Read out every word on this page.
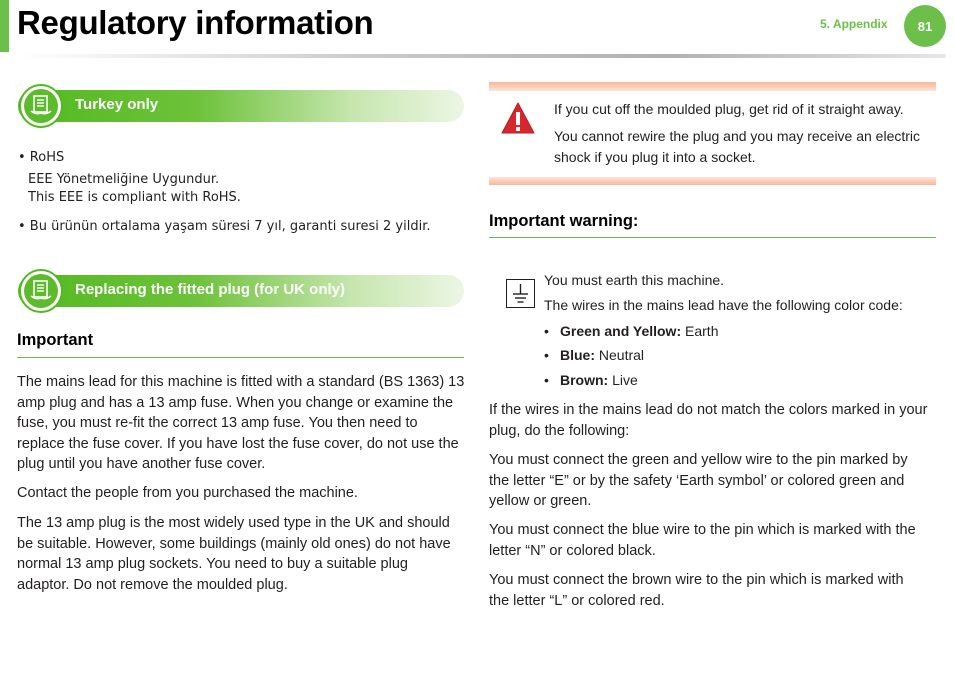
Regulatory information	5. Appendix 81
Turkey only
• RoHS
EEE Yönetmeliğine Uygundur.
This EEE is compliant with RoHS.
• Bu ürünün ortalama yaşam süresi 7 yıl, garanti suresi 2 yildir.
Replacing the fitted plug (for UK only)
Important
The mains lead for this machine is fitted with a standard (BS 1363) 13
amp plug and has a 13 amp fuse. When you change or examine the
fuse, you must re-fit the correct 13 amp fuse. You then need to
replace the fuse cover. If you have lost the fuse cover, do not use the
plug until you have another fuse cover.
Contact the people from you purchased the machine.
The 13 amp plug is the most widely used type in the UK and should
be suitable. However, some buildings (mainly old ones) do not have
normal 13 amp plug sockets. You need to buy a suitable plug
adaptor. Do not remove the moulded plug.
If you cut off the moulded plug, get rid of it straight away.
You cannot rewire the plug and you may receive an electric
shock if you plug it into a socket.
Important warning:
You must earth this machine.
The wires in the mains lead have the following color code:
• Green and Yellow: Earth
• Blue: Neutral
• Brown: Live
If the wires in the mains lead do not match the colors marked in your
plug, do the following:
You must connect the green and yellow wire to the pin marked by
the letter “E” or by the safety ‘Earth symbol’ or colored green and
yellow or green.
You must connect the blue wire to the pin which is marked with the
letter “N” or colored black.
You must connect the brown wire to the pin which is marked with
the letter “L” or colored red.
